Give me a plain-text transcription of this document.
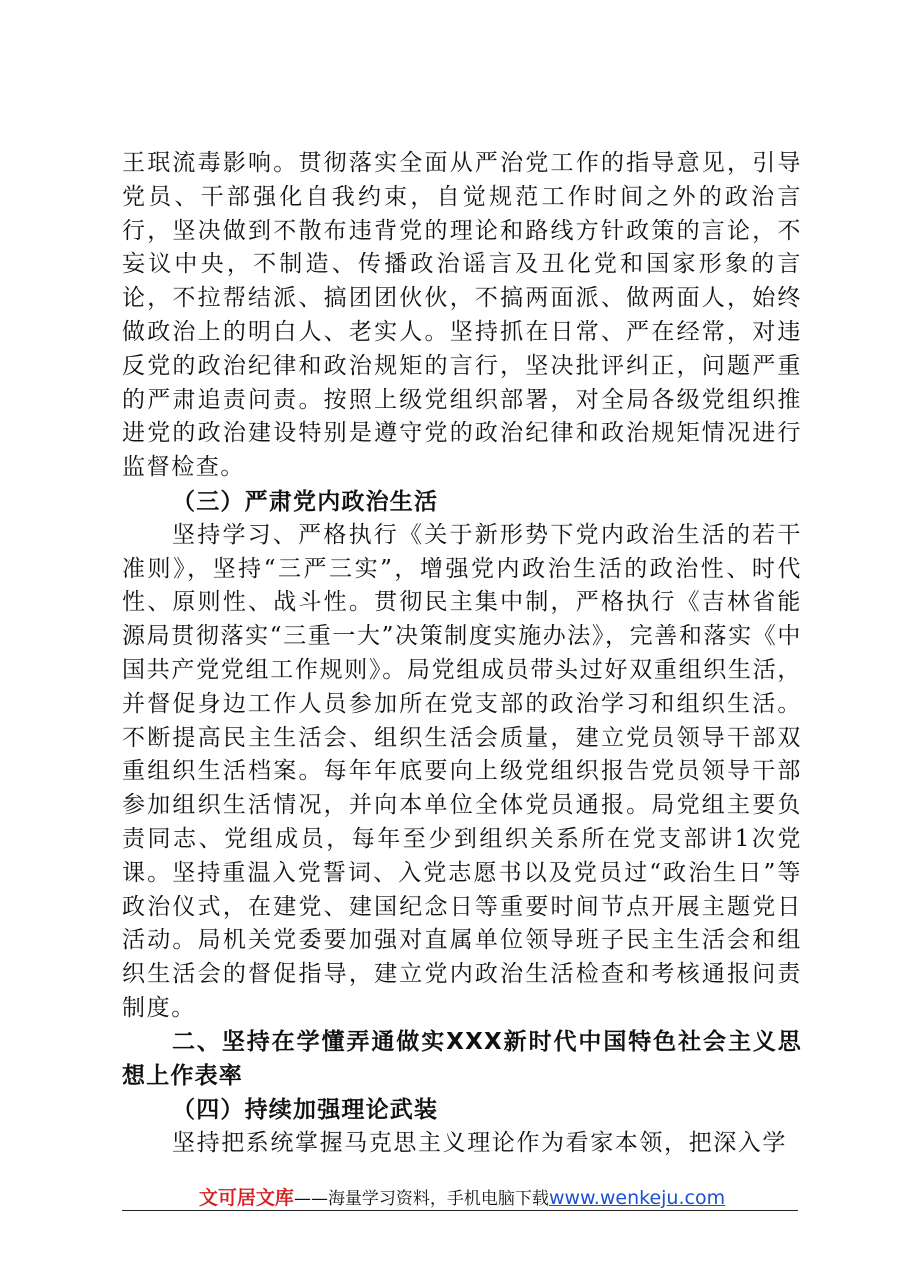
王珉流毒影响。贯彻落实全面从严治党工作的指导意见，引导党员、干部强化自我约束，自觉规范工作时间之外的政治言行，坚决做到不散布违背党的理论和路线方针政策的言论，不妄议中央，不制造、传播政治谣言及丑化党和国家形象的言论，不拉帮结派、搞团团伙伙，不搞两面派、做两面人，始终做政治上的明白人、老实人。坚持抓在日常、严在经常，对违反党的政治纪律和政治规矩的言行，坚决批评纠正，问题严重的严肃追责问责。按照上级党组织部署，对全局各级党组织推进党的政治建设特别是遵守党的政治纪律和政治规矩情况进行监督检查。

（三）严肃党内政治生活

坚持学习、严格执行《关于新形势下党内政治生活的若干准则》，坚持“三严三实”，增强党内政治生活的政治性、时代性、原则性、战斗性。贯彻民主集中制，严格执行《吉林省能源局贯彻落实“三重一大”决策制度实施办法》，完善和落实《中国共产党党组工作规则》。局党组成员带头过好双重组织生活，并督促身边工作人员参加所在党支部的政治学习和组织生活。不断提高民主生活会、组织生活会质量，建立党员领导干部双重组织生活档案。每年年底要向上级党组织报告党员领导干部参加组织生活情况，并向本单位全体党员通报。局党组主要负责同志、党组成员，每年至少到组织关系所在党支部讲1次党课。坚持重温入党誓词、入党志愿书以及党员过“政治生日”等政治仪式，在建党、建国纪念日等重要时间节点开展主题党日活动。局机关党委要加强对直属单位领导班子民主生活会和组织生活会的督促指导，建立党内政治生活检查和考核通报问责制度。

二、坚持在学懂弄通做实XXX新时代中国特色社会主义思想上作表率

（四）持续加强理论武装

坚持把系统掌握马克思主义理论作为看家本领，把深入学

文可居文库——海量学习资料，手机电脑下载www.wenkeju.com
